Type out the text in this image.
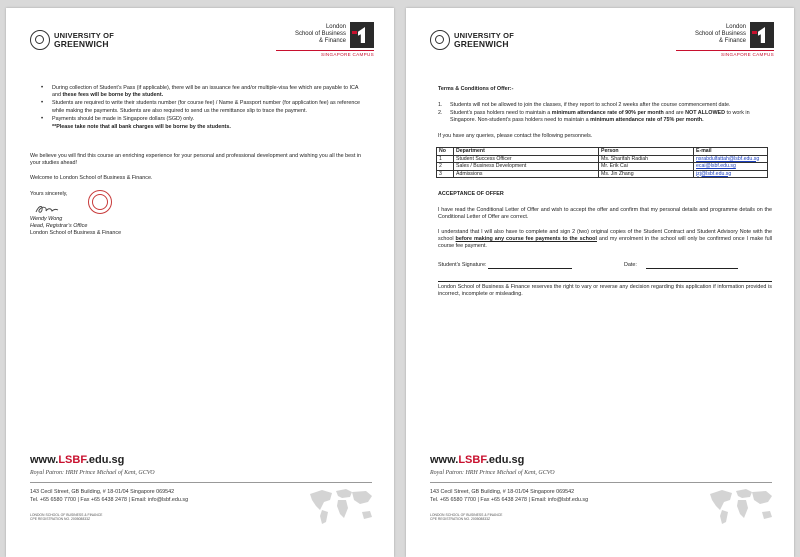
UNIVERSITY OF
GREENWICH
London
School of Business
& Finance
SINGAPORE CAMPUS
• During collection of Student’s Pass (if applicable), there will be an issuance fee and/or multiple-visa fee which are payable to ICA and these fees will be borne by the student.
• Students are required to write their students number (for course fee) / Name & Passport number (for application fee) as reference while making the payments. Students are also required to send us the remittance slip to trace the payment.
• Payments should be made in Singapore dollars (SGD) only.
**Please take note that all bank charges will be borne by the students.
We believe you will find this course an enriching experience for your personal and professional development and wishing you all the best in your studies ahead!
Welcome to London School of Business & Finance.
Yours sincerely,
Wendy Wong
Head, Registrar’s Office
London School of Business & Finance
www.LSBF.edu.sg
Royal Patron: HRH Prince Michael of Kent, GCVO
143 Cecil Street, GB Building, # 18-01/04 Singapore 069542
Tel. +65 6580 7700 | Fax +65 6438 2478 | Email: info@lsbf.edu.sg
LONDON SCHOOL OF BUSINESS & FINANCE
CPE REGISTRATION NO. 200508833Z
UNIVERSITY OF
GREENWICH
London
School of Business
& Finance
SINGAPORE CAMPUS
Terms & Conditions of Offer:-
1. Students will not be allowed to join the classes, if they report to school 2 weeks after the course commencement date.
2. Student’s pass holders need to maintain a minimum attendance rate of 90% per month and are NOT ALLOWED to work in Singapore. Non-student’s pass holders need to maintain a minimum attendance rate of 75% per month.
If you have any queries, please contact the following personnels.
No	Department	Person	E-mail
1	Student Success Officer	Ms. Sharifah Radiah	nsrabdulfattah@lsbf.edu.sg
2	Sales / Business Development	Mr. Erik Cai	ecai@lsbf.edu.sg
3	Admissions	Ms. Jin Zhang	jzj@lsbf.edu.sg
ACCEPTANCE OF OFFER
I have read the Conditional Letter of Offer and wish to accept the offer and confirm that my personal details and programme details on the Conditional Letter of Offer are correct.
I understand that I will also have to complete and sign 2 (two) original copies of the Student Contract and Student Advisory Note with the school before making any course fee payments to the school and my enrolment in the school will only be confirmed once I make full course fee payment.
Student’s Signature:	Date:
London School of Business & Finance reserves the right to vary or reverse any decision regarding this application if information provided is incorrect, incomplete or misleading.
www.LSBF.edu.sg
Royal Patron: HRH Prince Michael of Kent, GCVO
143 Cecil Street, GB Building, # 18-01/04 Singapore 069542
Tel. +65 6580 7700 | Fax +65 6438 2478 | Email: info@lsbf.edu.sg
LONDON SCHOOL OF BUSINESS & FINANCE
CPE REGISTRATION NO. 200508833Z
